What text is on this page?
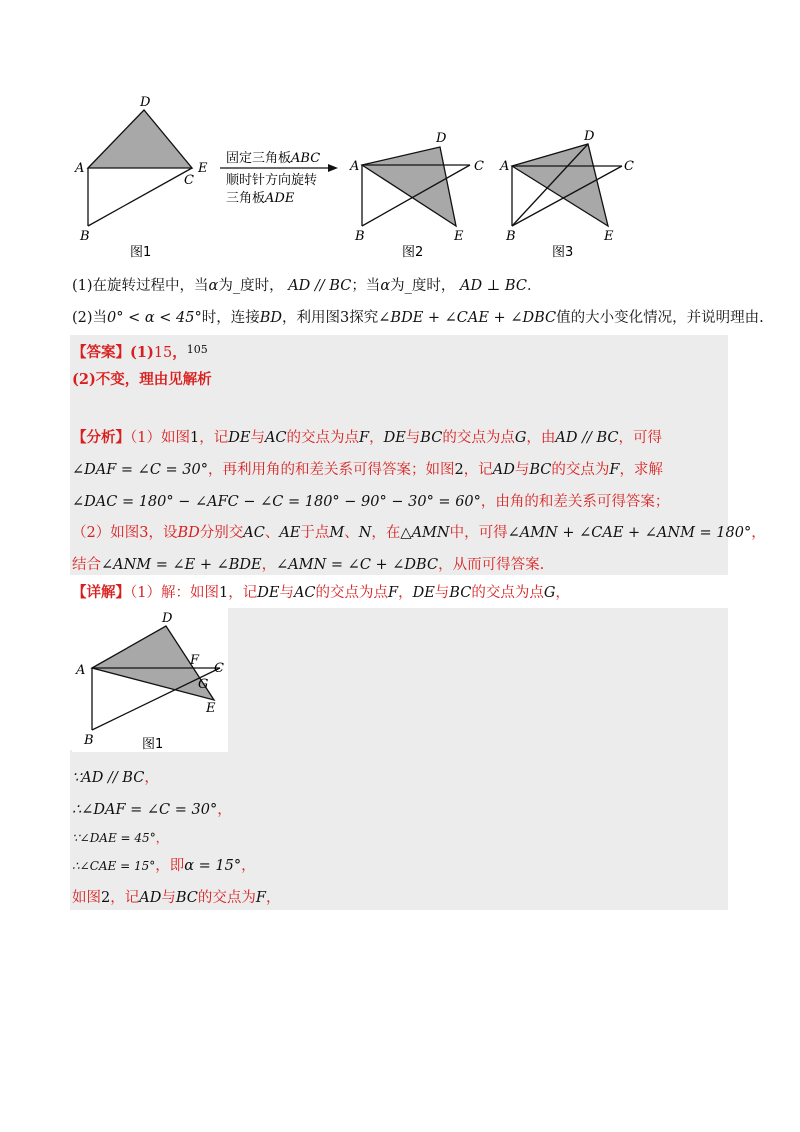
D
A	E
C
B
图1
固定三角板ABC
顺时针方向旋转
三角板ADE
D
A	C
B	E
图2
D
A	C
B	E
图3
(1)在旋转过程中，当α为_度时， AD // BC；当α为_度时， AD ⊥ BC．
(2)当0° < α < 45°时，连接BD，利用图3探究∠BDE + ∠CAE + ∠DBC值的大小变化情况，并说明理由.
【答案】(1)15，$^{105}$
(2)不变，理由见解析
【分析】（1）如图1，记DE与AC的交点为点F，DE与BC的交点为点G，由AD // BC，可得
∠DAF = ∠C = 30°，再利用角的和差关系可得答案；如图2，记AD与BC的交点为F，求解
∠DAC = 180° − ∠AFC − ∠C = 180° − 90° − 30° = 60°，由角的和差关系可得答案；
（2）如图3，设BD分别交AC、AE于点M、N，在△AMN中，可得∠AMN + ∠CAE + ∠ANM = 180°，
结合∠ANM = ∠E + ∠BDE，∠AMN = ∠C + ∠DBC，从而可得答案.
【详解】（1）解：如图1，记DE与AC的交点为点F，DE与BC的交点为点G，
D
A
F
C
G
E
B	图1
∵AD // BC，
∴∠DAF = ∠C = 30°，
∵∠DAE = 45°，
∴∠CAE = 15°，即α = 15°，
如图2，记AD与BC的交点为F，
